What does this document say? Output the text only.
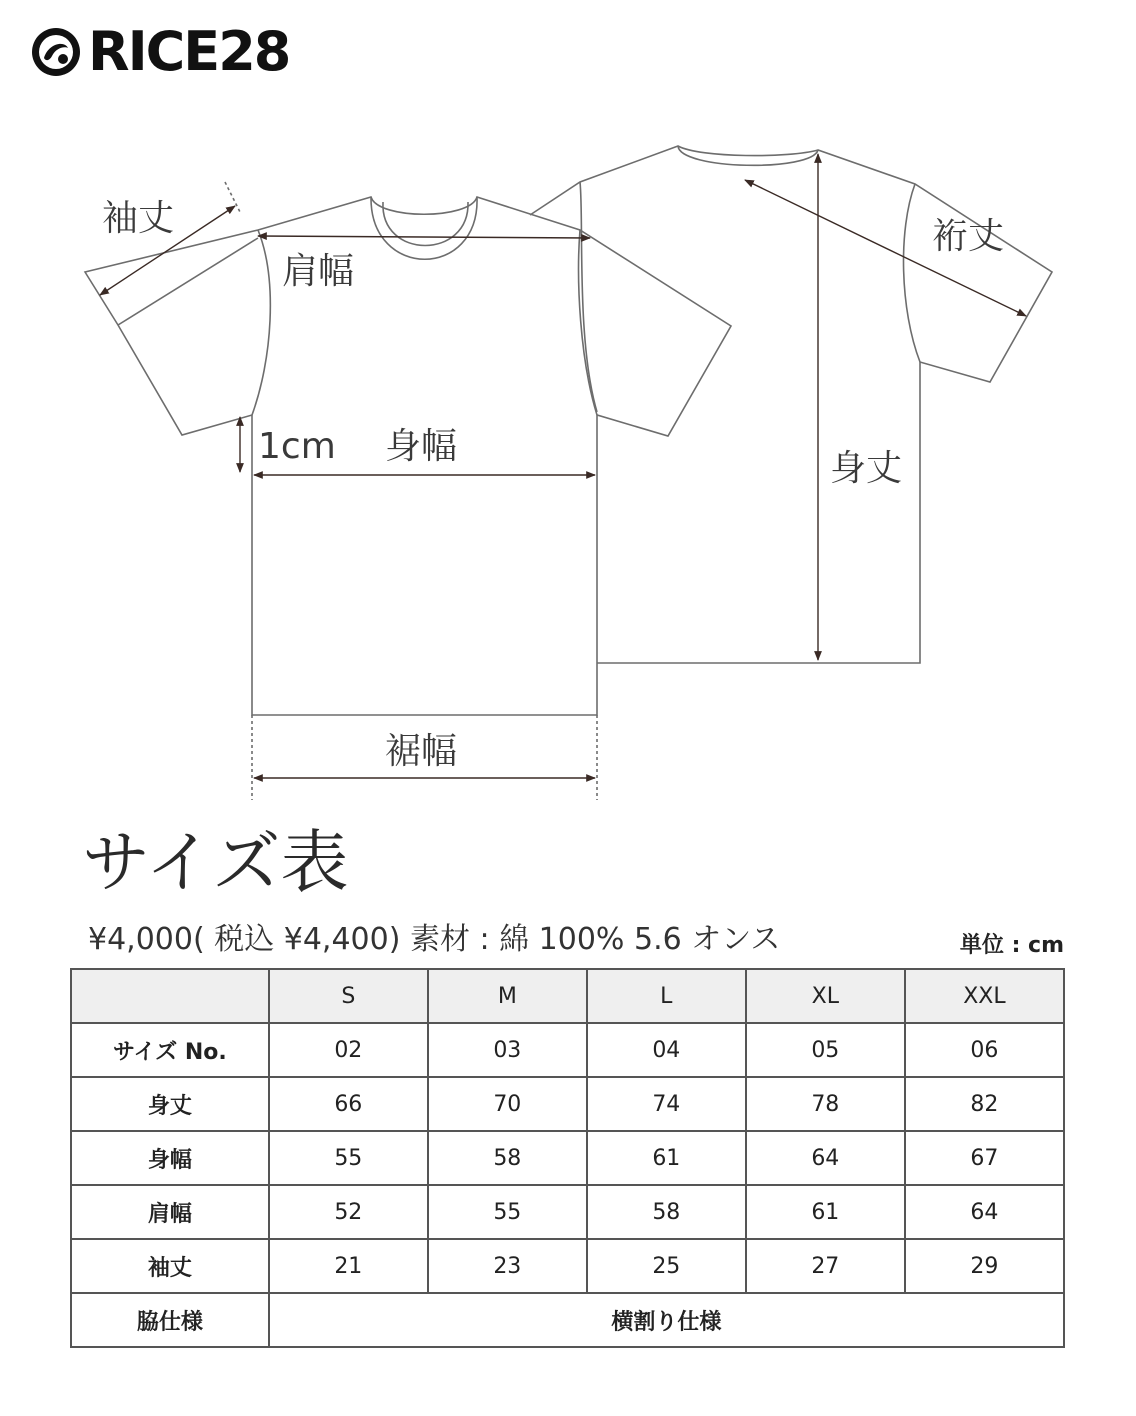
RICE28
袖丈
肩幅
1cm 身幅
裾幅
裄丈
身丈
サイズ表
¥4,000( 税込 ¥4,400) 素材 : 綿 100% 5.6 オンス	単位 : cm
	S	M	L	XL	XXL
サイズ No.	02	03	04	05	06
身丈	66	70	74	78	82
身幅	55	58	61	64	67
肩幅	52	55	58	61	64
袖丈	21	23	25	27	29
脇仕様	横割り仕様				
